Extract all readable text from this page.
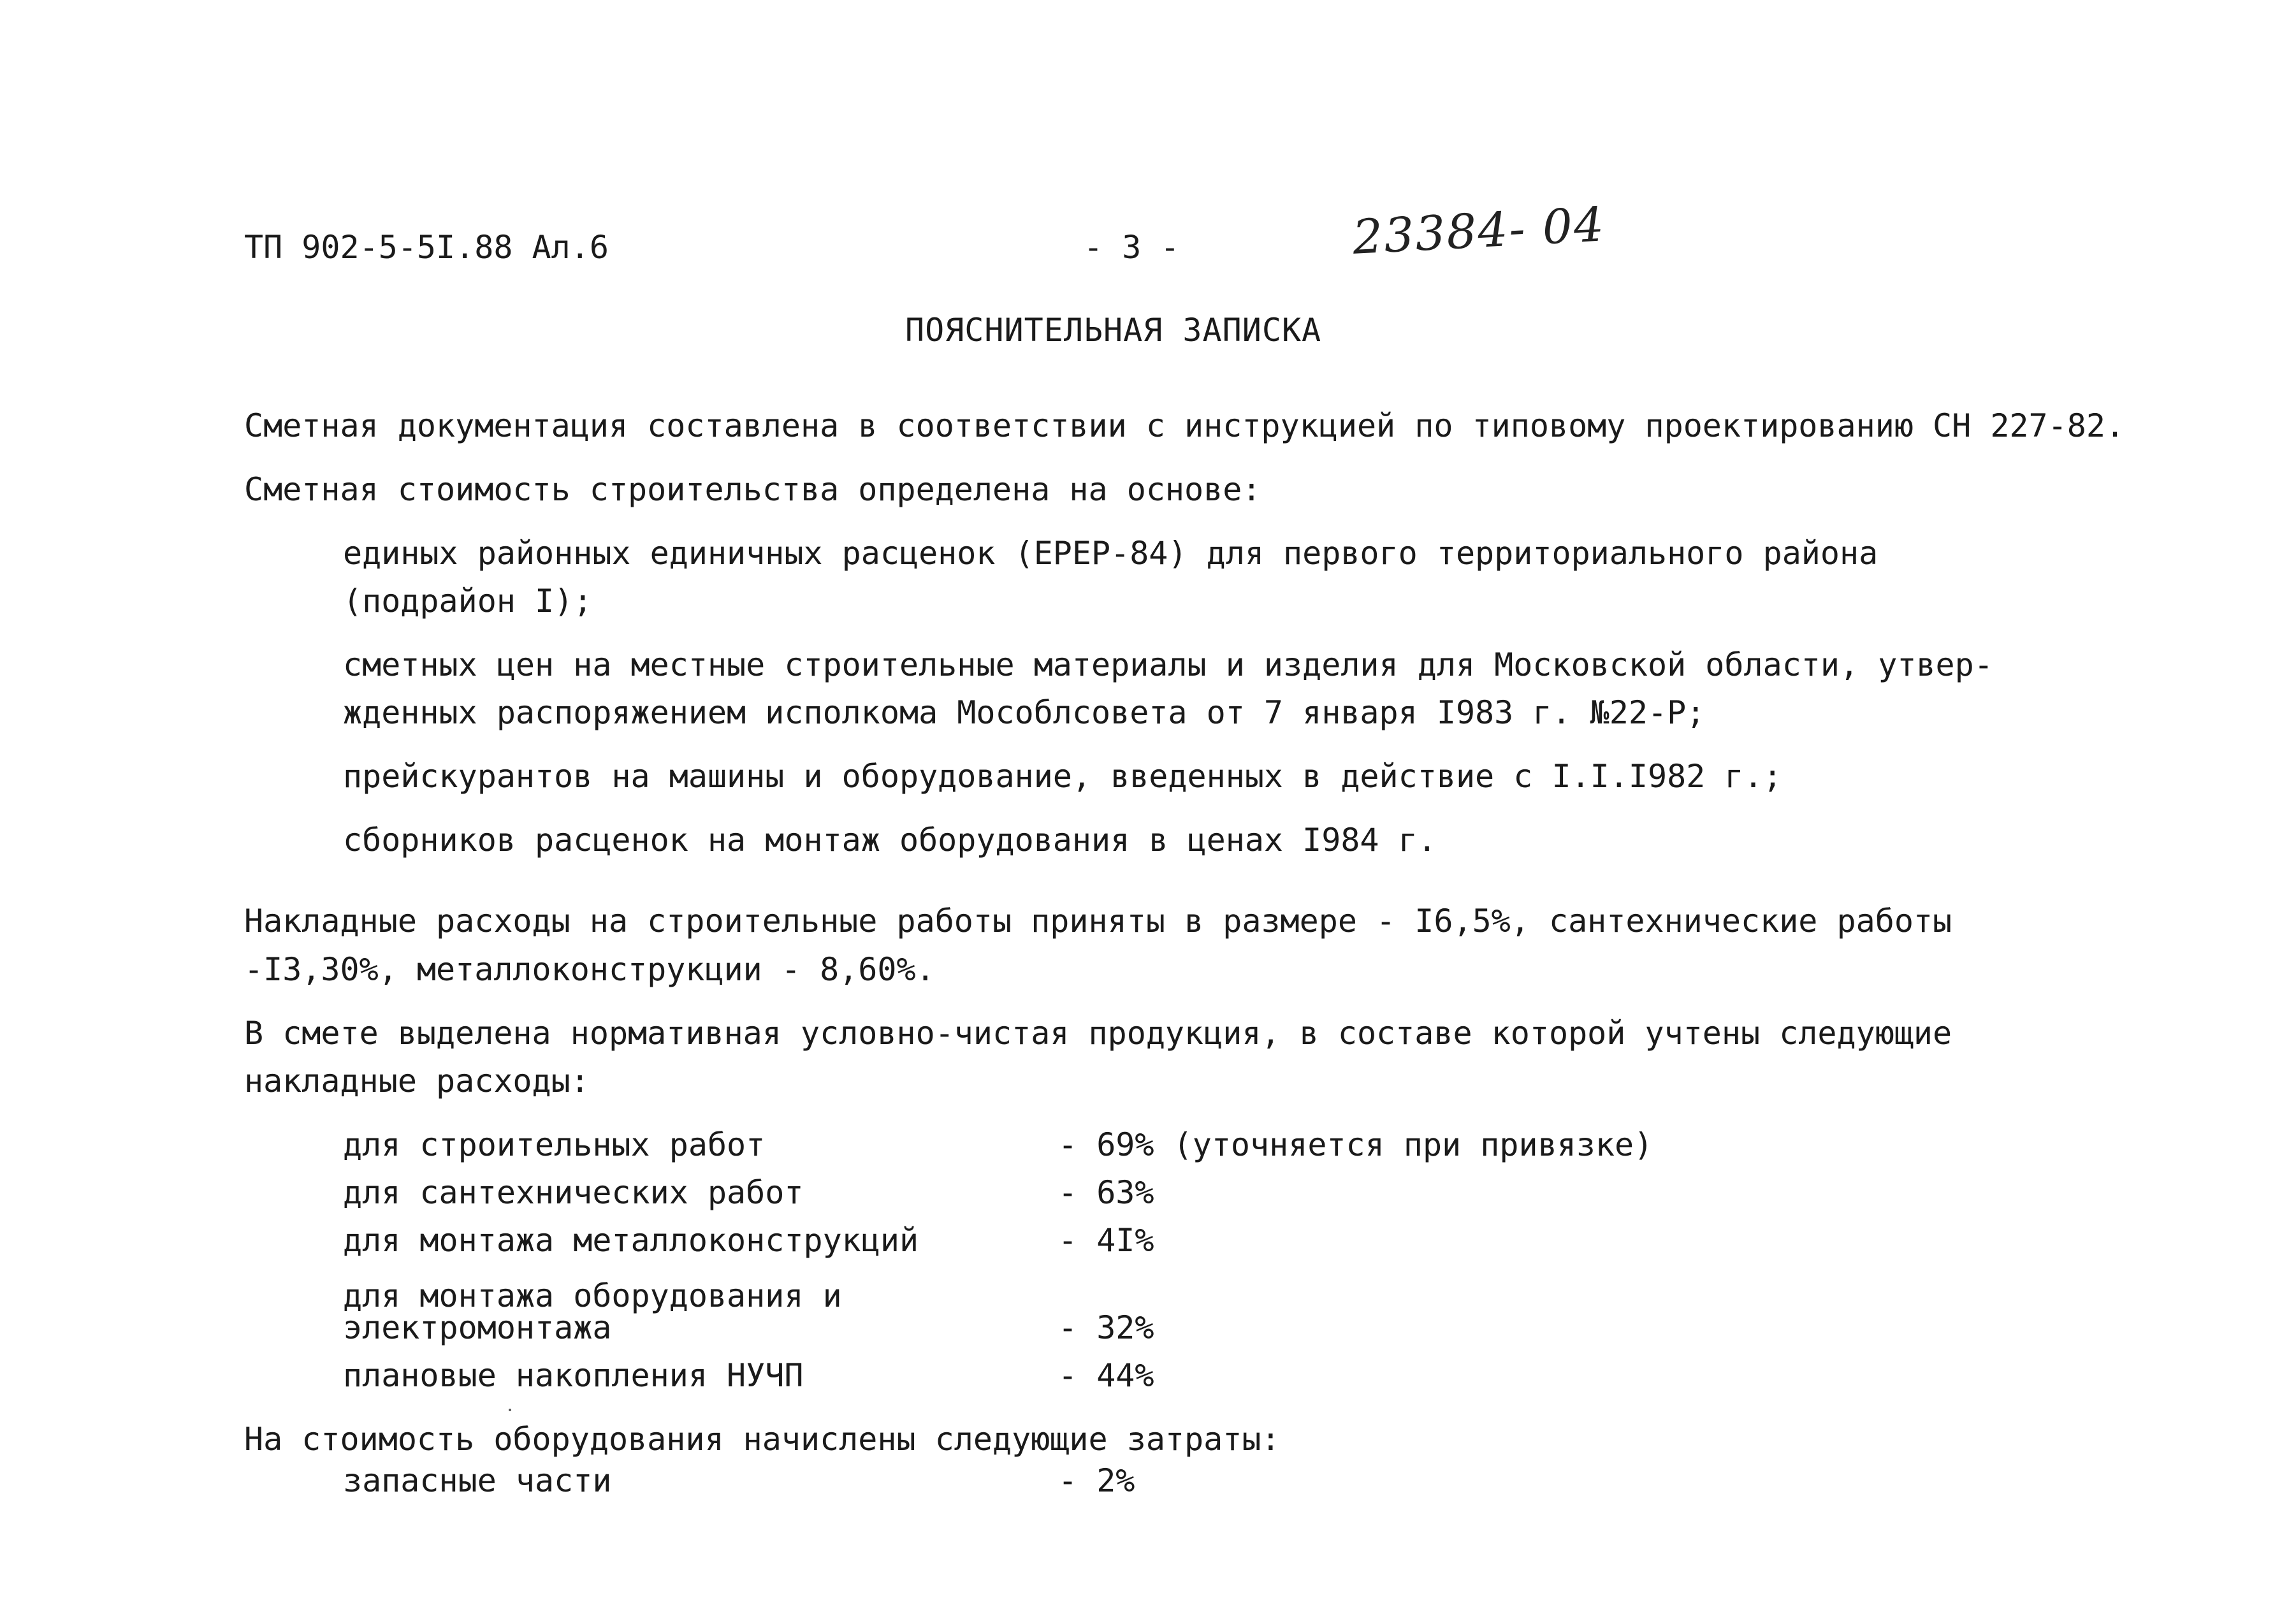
ТП 902-5-5I.88 Ал.6	- 3 -	23384- 04
ПОЯСНИТЕЛЬНАЯ ЗАПИСКА
Сметная документация составлена в соответствии с инструкцией по типовому проектированию СН 227-82.
Сметная стоимость строительства определена на основе:
единых районных единичных расценок (ЕРЕР-84) для первого территориального района
(подрайон I);
сметных цен на местные строительные материалы и изделия для Московской области, утвер-
жденных распоряжением исполкома Мособлсовета от 7 января I983 г. №22-Р;
прейскурантов на машины и оборудование, введенных в действие с I.I.I982 г.;
сборников расценок на монтаж оборудования в ценах I984 г.
Накладные расходы на строительные работы приняты в размере - I6,5%, сантехнические работы
-I3,30%, металлоконструкции - 8,60%.
В смете выделена нормативная условно-чистая продукция, в составе которой учтены следующие
накладные расходы:
для строительных работ	- 69% (уточняется при привязке)
для сантехнических работ	- 63%
для монтажа металлоконструкций	- 4I%
для монтажа оборудования и
электромонтажа	- 32%
плановые накопления НУЧП	- 44%
На стоимость оборудования начислены следующие затраты:
запасные части	- 2%
